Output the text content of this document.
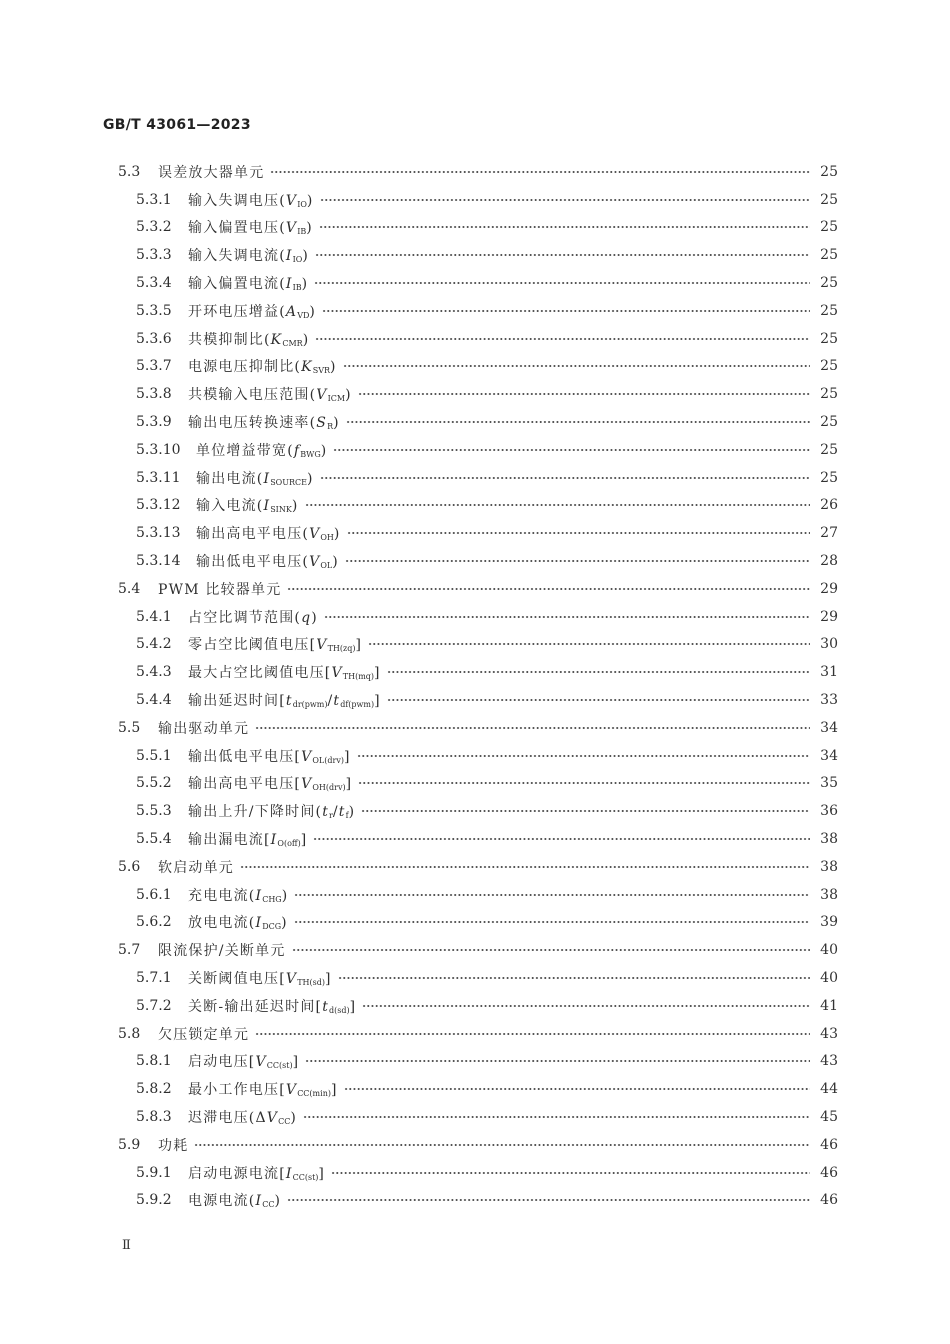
GB/T 43061—2023
5.3	误差放大器单元	25
5.3.1	输入失调电压$(V_{IO})$	25
5.3.2	输入偏置电压$(V_{IB})$	25
5.3.3	输入失调电流$(I_{IO})$	25
5.3.4	输入偏置电流$(I_{IB})$	25
5.3.5	开环电压增益$(A_{VD})$	25
5.3.6	共模抑制比$(K_{CMR})$	25
5.3.7	电源电压抑制比$(K_{SVR})$	25
5.3.8	共模输入电压范围$(V_{ICM})$	25
5.3.9	输出电压转换速率$(S_R)$	25
5.3.10	单位增益带宽$(f_{BWG})$	25
5.3.11	输出电流$(I_{SOURCE})$	25
5.3.12	输入电流$(I_{SINK})$	26
5.3.13	输出高电平电压$(V_{OH})$	27
5.3.14	输出低电平电压$(V_{OL})$	28
5.4	PWM 比较器单元	29
5.4.1	占空比调节范围(q)	29
5.4.2	零占空比阈值电压$[V_{TH(zq)}]$	30
5.4.3	最大占空比阈值电压$[V_{TH(mq)}]$	31
5.4.4	输出延迟时间$[t_{dr(pwm)}/t_{df(pwm)}]$	33
5.5	输出驱动单元	34
5.5.1	输出低电平电压$[V_{OL(drv)}]$	34
5.5.2	输出高电平电压$[V_{OH(drv)}]$	35
5.5.3	输出上升/下降时间$(t_r/t_f)$	36
5.5.4	输出漏电流$[I_{O(off)}]$	38
5.6	软启动单元	38
5.6.1	充电电流$(I_{CHG})$	38
5.6.2	放电电流$(I_{DCG})$	39
5.7	限流保护/关断单元	40
5.7.1	关断阈值电压$[V_{TH(sd)}]$	40
5.7.2	关断-输出延迟时间$[t_{d(sd)}]$	41
5.8	欠压锁定单元	43
5.8.1	启动电压$[V_{CC(st)}]$	43
5.8.2	最小工作电压$[V_{CC(min)}]$	44
5.8.3	迟滞电压$(\Delta V_{CC})$	45
5.9	功耗	46
5.9.1	启动电源电流$[I_{CC(st)}]$	46
5.9.2	电源电流$(I_{CC})$	46
Ⅱ
